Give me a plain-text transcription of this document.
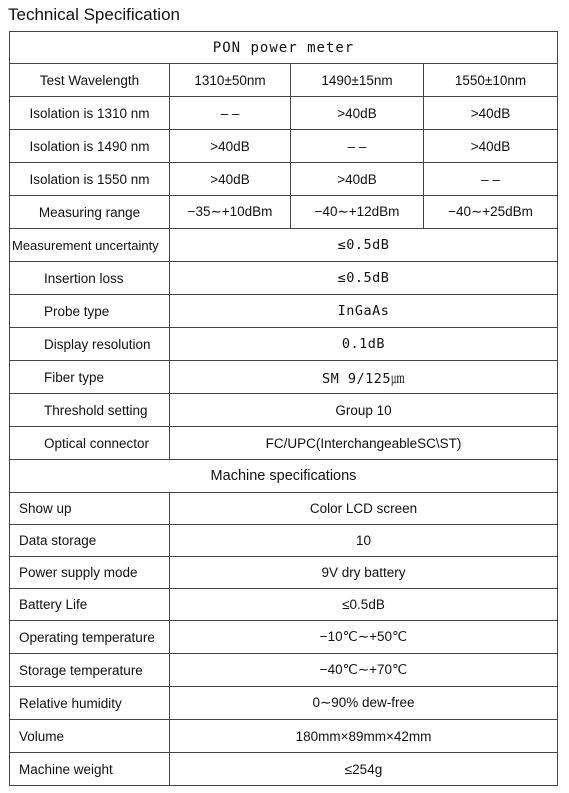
Technical Specification
PON power meter			
Test Wavelength	1310±50nm	1490±15nm	1550±10nm
Isolation is 1310 nm	– –	>40dB	>40dB
Isolation is 1490 nm	>40dB	– –	>40dB
Isolation is 1550 nm	>40dB	>40dB	– –
Measuring range	−35∼+10dBm	−40∼+12dBm	−40∼+25dBm
Measurement uncertainty	≤0.5dB		
Insertion loss	≤0.5dB		
Probe type	InGaAs		
Display resolution	0.1dB		
Fiber type	SM 9/125㎛		
Threshold setting	Group 10		
Optical connector	FC/UPC(InterchangeableSC\ST)		
Machine specifications			
Show up	Color LCD screen		
Data storage	10		
Power supply mode	9V dry battery		
Battery Life	≤0.5dB		
Operating temperature	−10℃∼+50℃		
Storage temperature	−40℃∼+70℃		
Relative humidity	0∼90% dew-free		
Volume	180mm×89mm×42mm		
Machine weight	≤254g		
